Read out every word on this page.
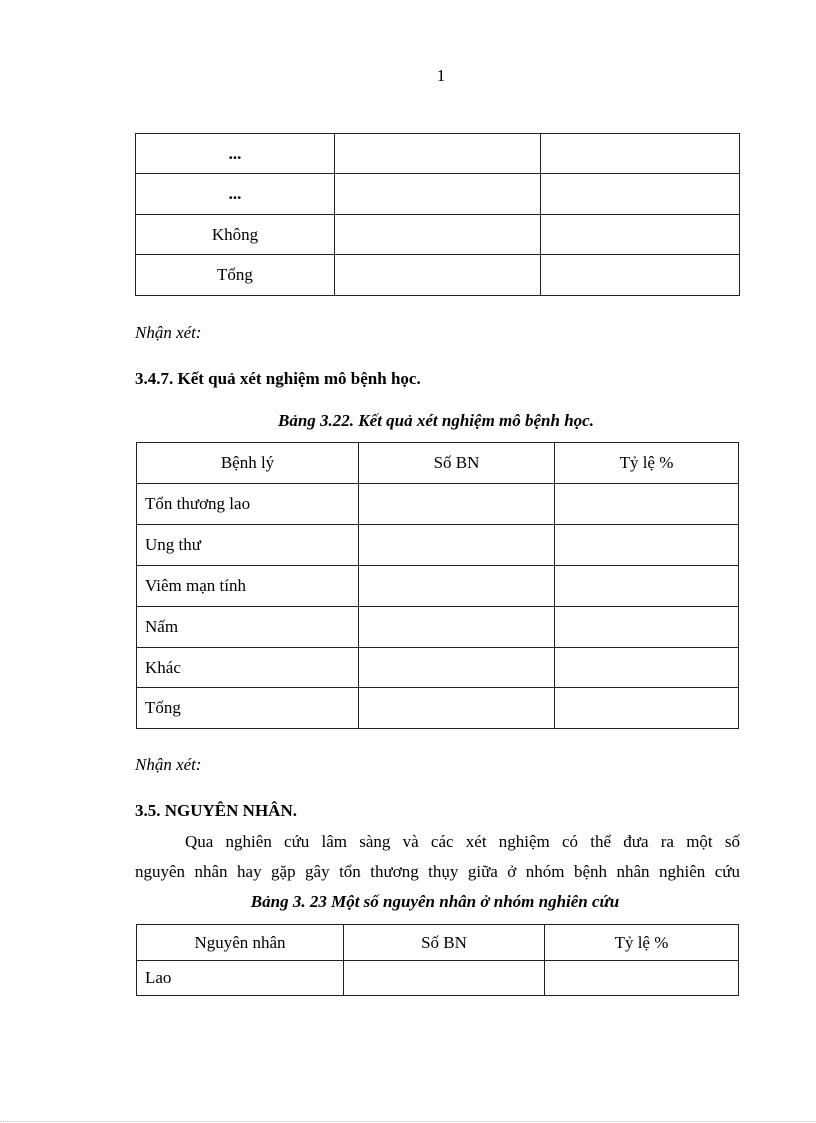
1
...		
...		
Không		
Tổng		
Nhận xét:
3.4.7. Kết quả xét nghiệm mô bệnh học.
Bảng 3.22. Kết quả xét nghiệm mô bệnh học.
Bệnh lý	Số BN	Tỷ lệ %
Tổn thương lao		
Ung thư		
Viêm mạn tính		
Nấm		
Khác		
Tổng		
Nhận xét:
3.5. NGUYÊN NHÂN.
Qua nghiên cứu lâm sàng và các xét nghiệm có thể đưa ra một số
nguyên nhân hay gặp gây tổn thương thụy giữa ở nhóm bệnh nhân nghiên cứu
Bảng 3. 23 Một số nguyên nhân ở nhóm nghiên cứu
Nguyên nhân	Số BN	Tỷ lệ %
Lao		
